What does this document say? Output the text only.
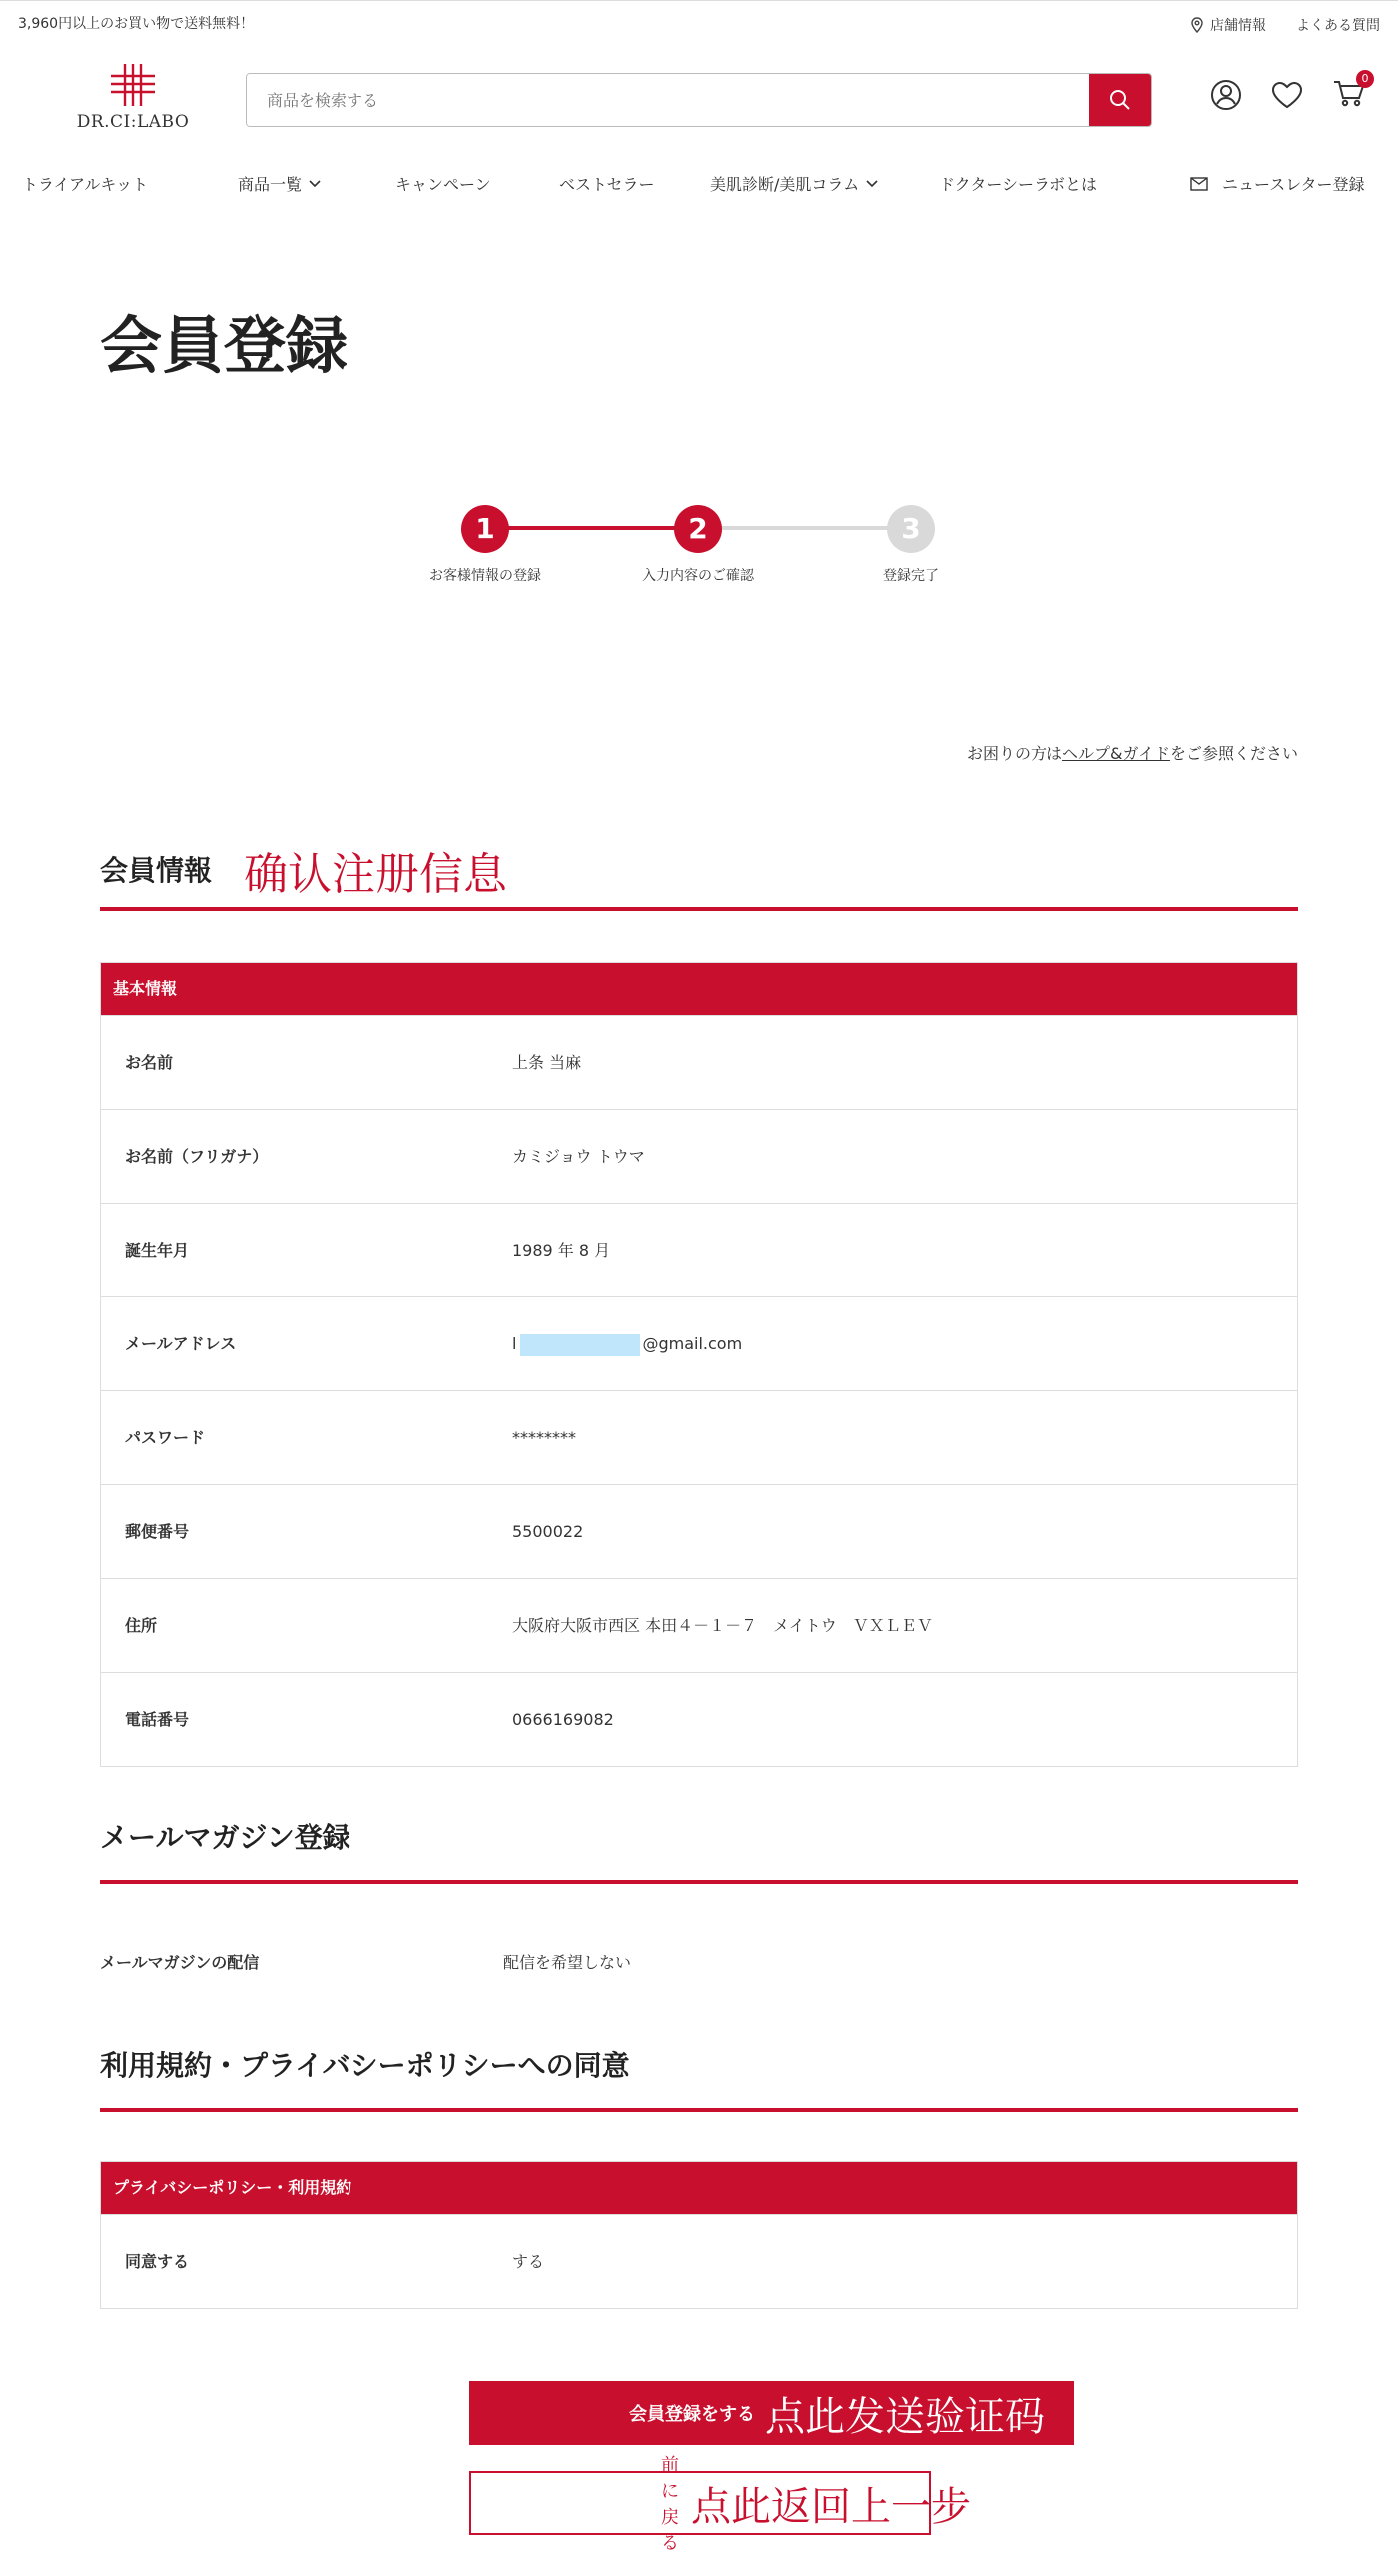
3,960円以上のお買い物で送料無料！	店舗情報 よくある質問
DR.CI:LABO
商品を検索する
0
トライアルキット	商品一覧	キャンペーン	ベストセラー	美肌診断/美肌コラム	ドクターシーラボとは	ニュースレター登録
会員登録
1	2	3
お客様情報の登録	入力内容のご確認	登録完了
お困りの方はヘルプ&ガイドをご参照ください
会員情報 确认注册信息
基本情報
お名前	上条 当麻
お名前（フリガナ）	カミジョウ トウマ
誕生年月	1989 年 8 月
メールアドレス	l	@gmail.com
パスワード	********
郵便番号	5500022
住所	大阪府大阪市西区 本田４－１－７　メイトウ　ＶＸＬＥＶ
電話番号	0666169082
メールマガジン登録
メールマガジンの配信	配信を希望しない
利用規約・プライバシーポリシーへの同意
プライバシーポリシー・利用規約
同意する	する
会員登録をする 点此发送验证码
前に戻る
点此返回上一步
